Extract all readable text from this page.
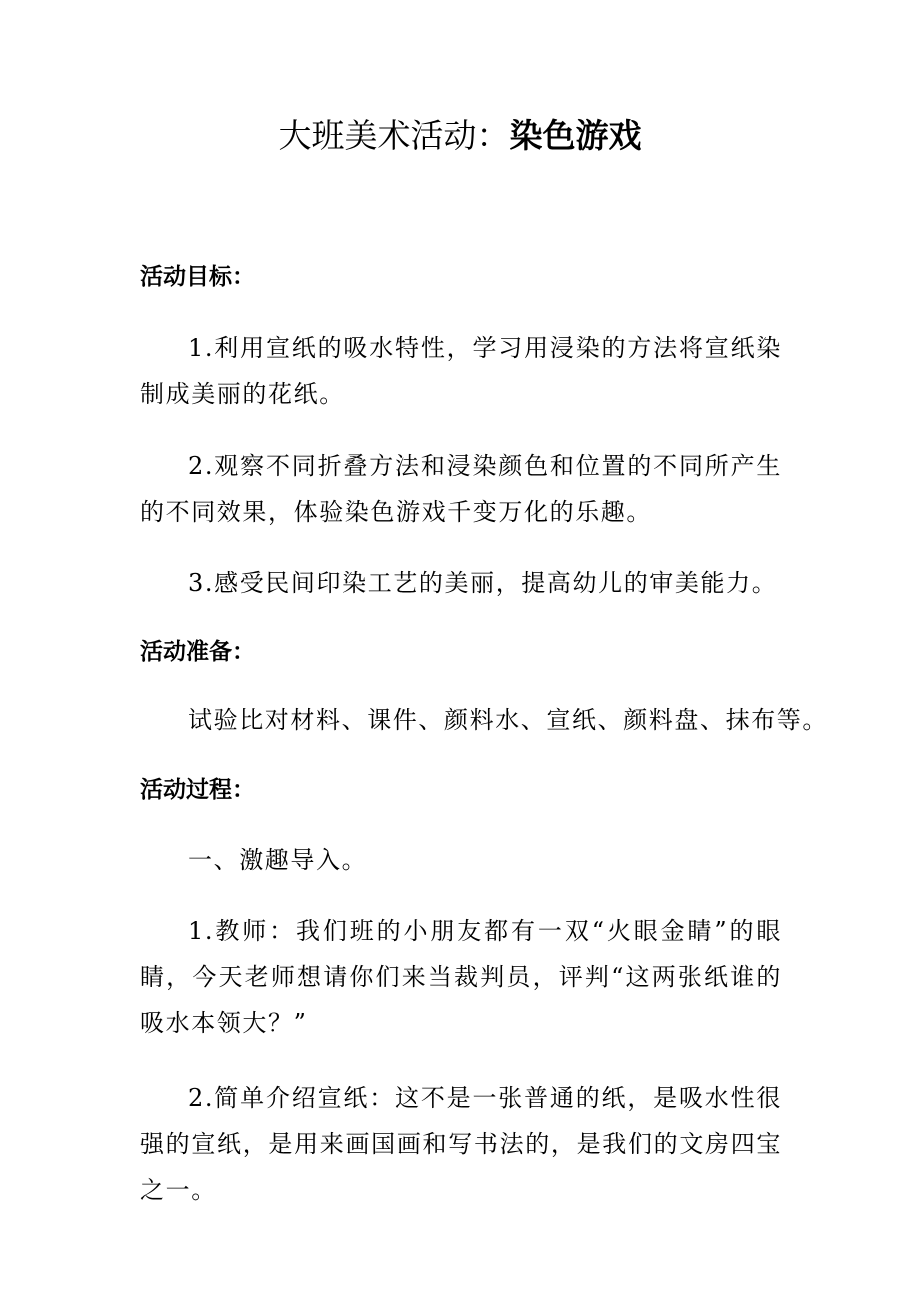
大班美术活动：染色游戏
活动目标：

1.利用宣纸的吸水特性，学习用浸染的方法将宣纸染制成美丽的花纸。

2.观察不同折叠方法和浸染颜色和位置的不同所产生的不同效果，体验染色游戏千变万化的乐趣。

3.感受民间印染工艺的美丽，提高幼儿的审美能力。

活动准备：

试验比对材料、课件、颜料水、宣纸、颜料盘、抹布等。

活动过程：

一、激趣导入。

1.教师：我们班的小朋友都有一双“火眼金睛”的眼睛，今天老师想请你们来当裁判员，评判“这两张纸谁的吸水本领大？”

2.简单介绍宣纸：这不是一张普通的纸，是吸水性很强的宣纸，是用来画国画和写书法的，是我们的文房四宝之一。
